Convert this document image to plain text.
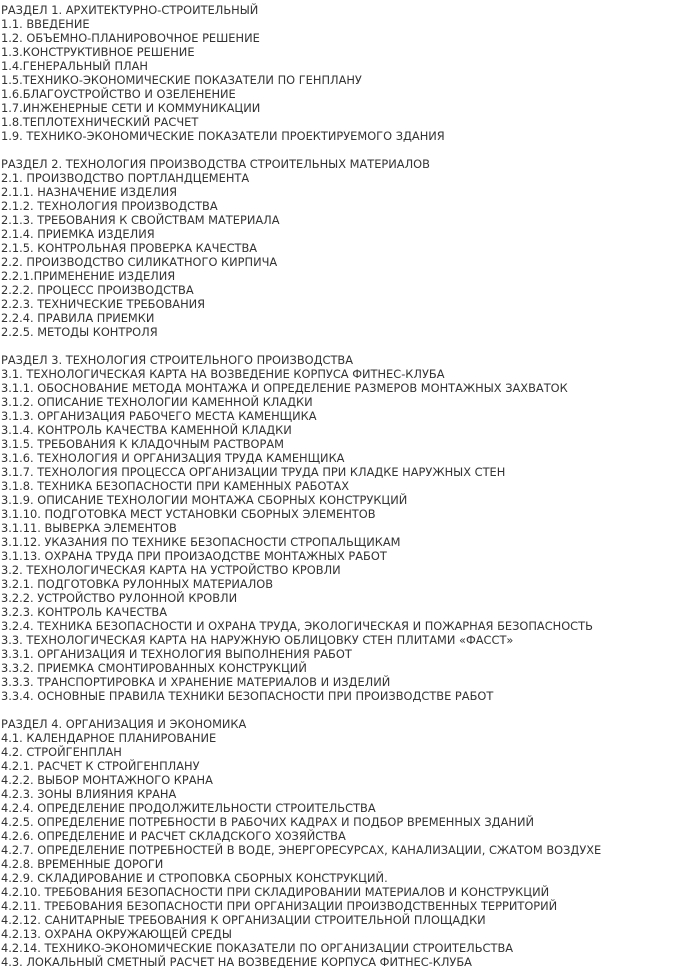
РАЗДЕЛ 1. АРХИТЕКТУРНО-СТРОИТЕЛЬНЫЙ
1.1. ВВЕДЕНИЕ
1.2. ОБЪЕМНО-ПЛАНИРОВОЧНОЕ РЕШЕНИЕ
1.3.КОНСТРУКТИВНОЕ РЕШЕНИЕ
1.4.ГЕНЕРАЛЬНЫЙ ПЛАН
1.5.ТЕХНИКО-ЭКОНОМИЧЕСКИЕ ПОКАЗАТЕЛИ ПО ГЕНПЛАНУ
1.6.БЛАГОУСТРОЙСТВО И ОЗЕЛЕНЕНИЕ
1.7.ИНЖЕНЕРНЫЕ СЕТИ И КОММУНИКАЦИИ
1.8.ТЕПЛОТЕХНИЧЕСКИЙ РАСЧЕТ
1.9. ТЕХНИКО-ЭКОНОМИЧЕСКИЕ ПОКАЗАТЕЛИ ПРОЕКТИРУЕМОГО ЗДАНИЯ
РАЗДЕЛ 2. ТЕХНОЛОГИЯ ПРОИЗВОДСТВА СТРОИТЕЛЬНЫХ МАТЕРИАЛОВ
2.1. ПРОИЗВОДСТВО ПОРТЛАНДЦЕМЕНТА
2.1.1. НАЗНАЧЕНИЕ ИЗДЕЛИЯ
2.1.2. ТЕХНОЛОГИЯ ПРОИЗВОДСТВА
2.1.3. ТРЕБОВАНИЯ К СВОЙСТВАМ МАТЕРИАЛА
2.1.4. ПРИЕМКА ИЗДЕЛИЯ
2.1.5. КОНТРОЛЬНАЯ ПРОВЕРКА КАЧЕСТВА
2.2. ПРОИЗВОДСТВО СИЛИКАТНОГО КИРПИЧА
2.2.1.ПРИМЕНЕНИЕ ИЗДЕЛИЯ
2.2.2. ПРОЦЕСС ПРОИЗВОДСТВА
2.2.3. ТЕХНИЧЕСКИЕ ТРЕБОВАНИЯ
2.2.4. ПРАВИЛА ПРИЕМКИ
2.2.5. МЕТОДЫ КОНТРОЛЯ
РАЗДЕЛ 3. ТЕХНОЛОГИЯ СТРОИТЕЛЬНОГО ПРОИЗВОДСТВА
3.1. ТЕХНОЛОГИЧЕСКАЯ КАРТА НА ВОЗВЕДЕНИЕ КОРПУСА ФИТНЕС-КЛУБА
3.1.1. ОБОСНОВАНИЕ МЕТОДА МОНТАЖА И ОПРЕДЕЛЕНИЕ РАЗМЕРОВ МОНТАЖНЫХ ЗАХВАТОК
3.1.2. ОПИСАНИЕ ТЕХНОЛОГИИ КАМЕННОЙ КЛАДКИ
3.1.3. ОРГАНИЗАЦИЯ РАБОЧЕГО МЕСТА КАМЕНЩИКА
3.1.4. КОНТРОЛЬ КАЧЕСТВА КАМЕННОЙ КЛАДКИ
3.1.5. ТРЕБОВАНИЯ К КЛАДОЧНЫМ РАСТВОРАМ
3.1.6. ТЕХНОЛОГИЯ И ОРГАНИЗАЦИЯ ТРУДА КАМЕНЩИКА
3.1.7. ТЕХНОЛОГИЯ ПРОЦЕССА ОРГАНИЗАЦИИ ТРУДА ПРИ КЛАДКЕ НАРУЖНЫХ СТЕН
3.1.8. ТЕХНИКА БЕЗОПАСНОСТИ ПРИ КАМЕННЫХ РАБОТАХ
3.1.9. ОПИСАНИЕ ТЕХНОЛОГИИ МОНТАЖА СБОРНЫХ КОНСТРУКЦИЙ
3.1.10. ПОДГОТОВКА МЕСТ УСТАНОВКИ СБОРНЫХ ЭЛЕМЕНТОВ
3.1.11. ВЫВЕРКА ЭЛЕМЕНТОВ
3.1.12. УКАЗАНИЯ ПО ТЕХНИКЕ БЕЗОПАСНОСТИ СТРОПАЛЬЩИКАМ
3.1.13. ОХРАНА ТРУДА ПРИ ПРОИЗАОДСТВЕ МОНТАЖНЫХ РАБОТ
3.2. ТЕХНОЛОГИЧЕСКАЯ КАРТА НА УСТРОЙСТВО КРОВЛИ
3.2.1. ПОДГОТОВКА РУЛОННЫХ МАТЕРИАЛОВ
3.2.2. УСТРОЙСТВО РУЛОННОЙ КРОВЛИ
3.2.3. КОНТРОЛЬ КАЧЕСТВА
3.2.4. ТЕХНИКА БЕЗОПАСНОСТИ И ОХРАНА ТРУДА, ЭКОЛОГИЧЕСКАЯ И ПОЖАРНАЯ БЕЗОПАСНОСТЬ
3.3. ТЕХНОЛОГИЧЕСКАЯ КАРТА НА НАРУЖНУЮ ОБЛИЦОВКУ СТЕН ПЛИТАМИ «ФАССТ»
3.3.1. ОРГАНИЗАЦИЯ И ТЕХНОЛОГИЯ ВЫПОЛНЕНИЯ РАБОТ
3.3.2. ПРИЕМКА СМОНТИРОВАННЫХ КОНСТРУКЦИЙ
3.3.3. ТРАНСПОРТИРОВКА И ХРАНЕНИЕ МАТЕРИАЛОВ И ИЗДЕЛИЙ
3.3.4. ОСНОВНЫЕ ПРАВИЛА ТЕХНИКИ БЕЗОПАСНОСТИ ПРИ ПРОИЗВОДСТВЕ РАБОТ
РАЗДЕЛ 4. ОРГАНИЗАЦИЯ И ЭКОНОМИКА
4.1. КАЛЕНДАРНОЕ ПЛАНИРОВАНИЕ
4.2. СТРОЙГЕНПЛАН
4.2.1. РАСЧЕТ К СТРОЙГЕНПЛАНУ
4.2.2. ВЫБОР МОНТАЖНОГО КРАНА
4.2.3. ЗОНЫ ВЛИЯНИЯ КРАНА
4.2.4. ОПРЕДЕЛЕНИЕ ПРОДОЛЖИТЕЛЬНОСТИ СТРОИТЕЛЬСТВА
4.2.5. ОПРЕДЕЛЕНИЕ ПОТРЕБНОСТИ В РАБОЧИХ КАДРАХ И ПОДБОР ВРЕМЕННЫХ ЗДАНИЙ
4.2.6. ОПРЕДЕЛЕНИЕ И РАСЧЕТ СКЛАДСКОГО ХОЗЯЙСТВА
4.2.7. ОПРЕДЕЛЕНИЕ ПОТРЕБНОСТЕЙ В ВОДЕ, ЭНЕРГОРЕСУРСАХ, КАНАЛИЗАЦИИ, СЖАТОМ ВОЗДУХЕ
4.2.8. ВРЕМЕННЫЕ ДОРОГИ
4.2.9. СКЛАДИРОВАНИЕ И СТРОПОВКА СБОРНЫХ КОНСТРУКЦИЙ.
4.2.10. ТРЕБОВАНИЯ БЕЗОПАСНОСТИ ПРИ СКЛАДИРОВАНИИ МАТЕРИАЛОВ И КОНСТРУКЦИЙ
4.2.11. ТРЕБОВАНИЯ БЕЗОПАСНОСТИ ПРИ ОРГАНИЗАЦИИ ПРОИЗВОДСТВЕННЫХ ТЕРРИТОРИЙ
4.2.12. САНИТАРНЫЕ ТРЕБОВАНИЯ К ОРГАНИЗАЦИИ СТРОИТЕЛЬНОЙ ПЛОЩАДКИ
4.2.13. ОХРАНА ОКРУЖАЮЩЕЙ СРЕДЫ
4.2.14. ТЕХНИКО-ЭКОНОМИЧЕСКИЕ ПОКАЗАТЕЛИ ПО ОРГАНИЗАЦИИ СТРОИТЕЛЬСТВА
4.3. ЛОКАЛЬНЫЙ СМЕТНЫЙ РАСЧЕТ НА ВОЗВЕДЕНИЕ КОРПУСА ФИТНЕС-КЛУБА
